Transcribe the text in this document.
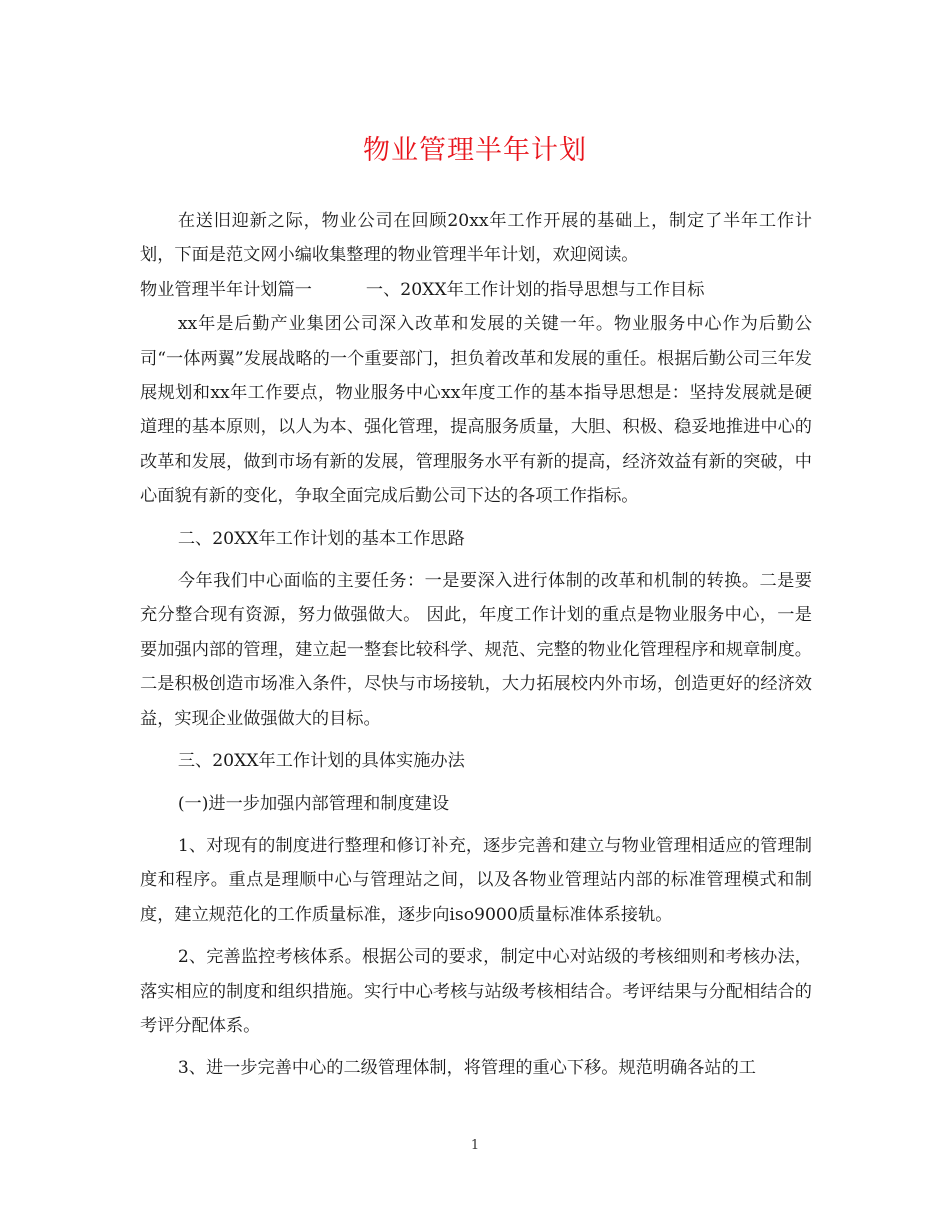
物业管理半年计划

在送旧迎新之际，物业公司在回顾20xx年工作开展的基础上，制定了半年工作计划，下面是范文网小编收集整理的物业管理半年计划，欢迎阅读。

物业管理半年计划篇一	一、20XX年工作计划的指导思想与工作目标

xx年是后勤产业集团公司深入改革和发展的关键一年。物业服务中心作为后勤公司“一体两翼”发展战略的一个重要部门，担负着改革和发展的重任。根据后勤公司三年发展规划和xx年工作要点，物业服务中心xx年度工作的基本指导思想是：坚持发展就是硬道理的基本原则，以人为本、强化管理，提高服务质量，大胆、积极、稳妥地推进中心的改革和发展，做到市场有新的发展，管理服务水平有新的提高，经济效益有新的突破，中心面貌有新的变化，争取全面完成后勤公司下达的各项工作指标。

二、20XX年工作计划的基本工作思路

今年我们中心面临的主要任务：一是要深入进行体制的改革和机制的转换。二是要充分整合现有资源，努力做强做大。 因此，年度工作计划的重点是物业服务中心，一是要加强内部的管理，建立起一整套比较科学、规范、完整的物业化管理程序和规章制度。二是积极创造市场准入条件，尽快与市场接轨，大力拓展校内外市场，创造更好的经济效益，实现企业做强做大的目标。

三、20XX年工作计划的具体实施办法

(一)进一步加强内部管理和制度建设

1、对现有的制度进行整理和修订补充，逐步完善和建立与物业管理相适应的管理制度和程序。重点是理顺中心与管理站之间，以及各物业管理站内部的标准管理模式和制度，建立规范化的工作质量标准，逐步向iso9000质量标准体系接轨。

2、完善监控考核体系。根据公司的要求，制定中心对站级的考核细则和考核办法，落实相应的制度和组织措施。实行中心考核与站级考核相结合。考评结果与分配相结合的考评分配体系。

3、进一步完善中心的二级管理体制，将管理的重心下移。规范明确各站的工

1
